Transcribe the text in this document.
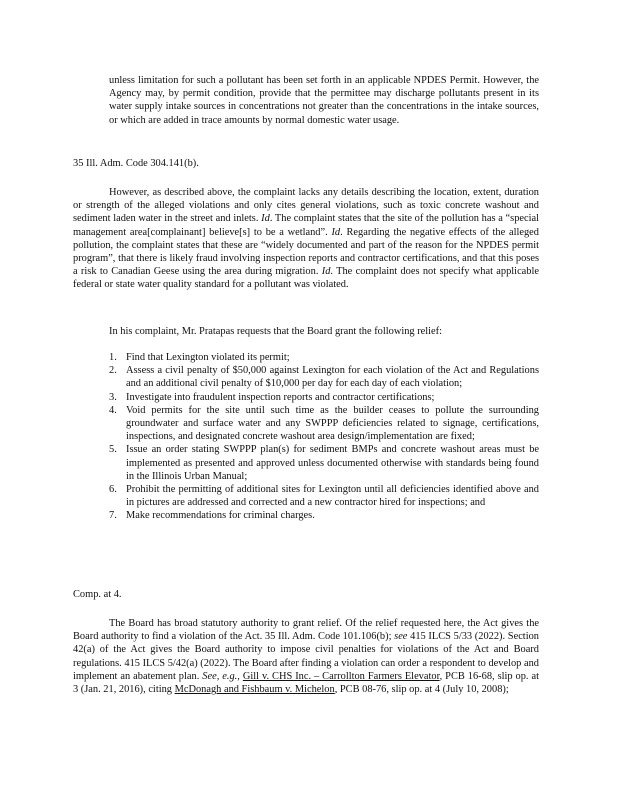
unless limitation for such a pollutant has been set forth in an applicable NPDES Permit. However, the Agency may, by permit condition, provide that the permittee may discharge pollutants present in its water supply intake sources in concentrations not greater than the concentrations in the intake sources, or which are added in trace amounts by normal domestic water usage.
35 Ill. Adm. Code 304.141(b).
However, as described above, the complaint lacks any details describing the location, extent, duration or strength of the alleged violations and only cites general violations, such as toxic concrete washout and sediment laden water in the street and inlets. Id. The complaint states that the site of the pollution has a “special management area[complainant] believe[s] to be a wetland”. Id. Regarding the negative effects of the alleged pollution, the complaint states that these are “widely documented and part of the reason for the NPDES permit program”, that there is likely fraud involving inspection reports and contractor certifications, and that this poses a risk to Canadian Geese using the area during migration. Id. The complaint does not specify what applicable federal or state water quality standard for a pollutant was violated.
In his complaint, Mr. Pratapas requests that the Board grant the following relief:
1. Find that Lexington violated its permit;
2. Assess a civil penalty of $50,000 against Lexington for each violation of the Act and Regulations and an additional civil penalty of $10,000 per day for each day of each violation;
3. Investigate into fraudulent inspection reports and contractor certifications;
4. Void permits for the site until such time as the builder ceases to pollute the surrounding groundwater and surface water and any SWPPP deficiencies related to signage, certifications, inspections, and designated concrete washout area design/implementation are fixed;
5. Issue an order stating SWPPP plan(s) for sediment BMPs and concrete washout areas must be implemented as presented and approved unless documented otherwise with standards being found in the Illinois Urban Manual;
6. Prohibit the permitting of additional sites for Lexington until all deficiencies identified above and in pictures are addressed and corrected and a new contractor hired for inspections; and
7. Make recommendations for criminal charges.
Comp. at 4.
The Board has broad statutory authority to grant relief. Of the relief requested here, the Act gives the Board authority to find a violation of the Act. 35 Ill. Adm. Code 101.106(b); see 415 ILCS 5/33 (2022). Section 42(a) of the Act gives the Board authority to impose civil penalties for violations of the Act and Board regulations. 415 ILCS 5/42(a) (2022). The Board after finding a violation can order a respondent to develop and implement an abatement plan. See, e.g., Gill v. CHS Inc. – Carrollton Farmers Elevator, PCB 16-68, slip op. at 3 (Jan. 21, 2016), citing McDonagh and Fishbaum v. Michelon, PCB 08-76, slip op. at 4 (July 10, 2008);
